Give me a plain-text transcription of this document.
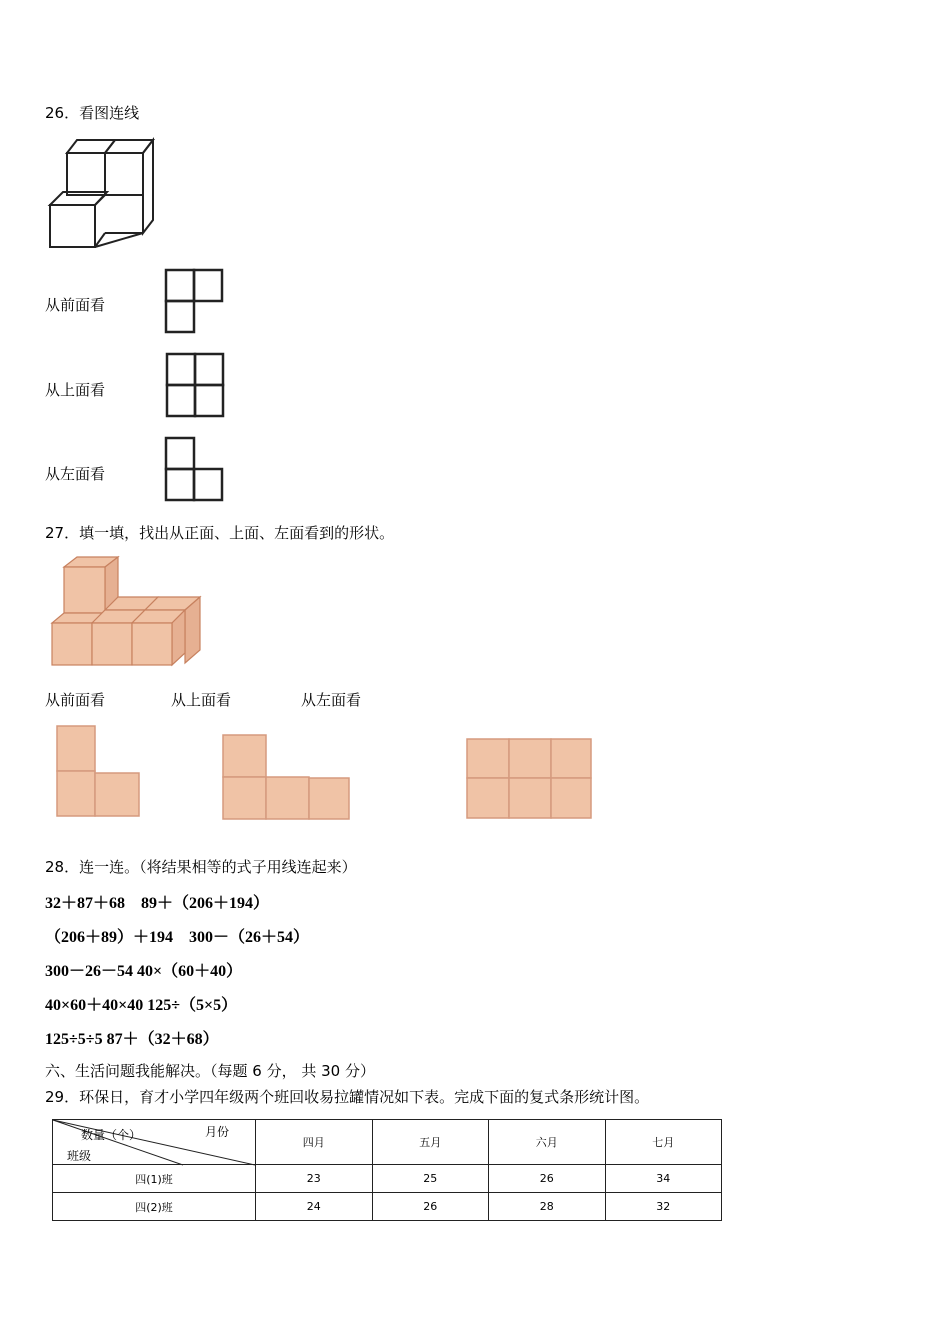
26．看图连线
从前面看
从上面看
从左面看
27．填一填，找出从正面、上面、左面看到的形状。
从前面看	从上面看	从左面看
28．连一连。（将结果相等的式子用线连起来）
32＋87＋68　89＋（206＋194）
（206＋89）＋194　300－（26＋54）
300－26－54 40×（60＋40）
40×60＋40×40 125÷（5×5）
125÷5÷5 87＋（32＋68）
六、生活问题我能解决。（每题 6 分， 共 30 分）
29．环保日，育才小学四年级两个班回收易拉罐情况如下表。完成下面的复式条形统计图。
数量（个） 月份
班级	四月	五月	六月	七月
四(1)班	23	25	26	34
四(2)班	24	26	28	32
